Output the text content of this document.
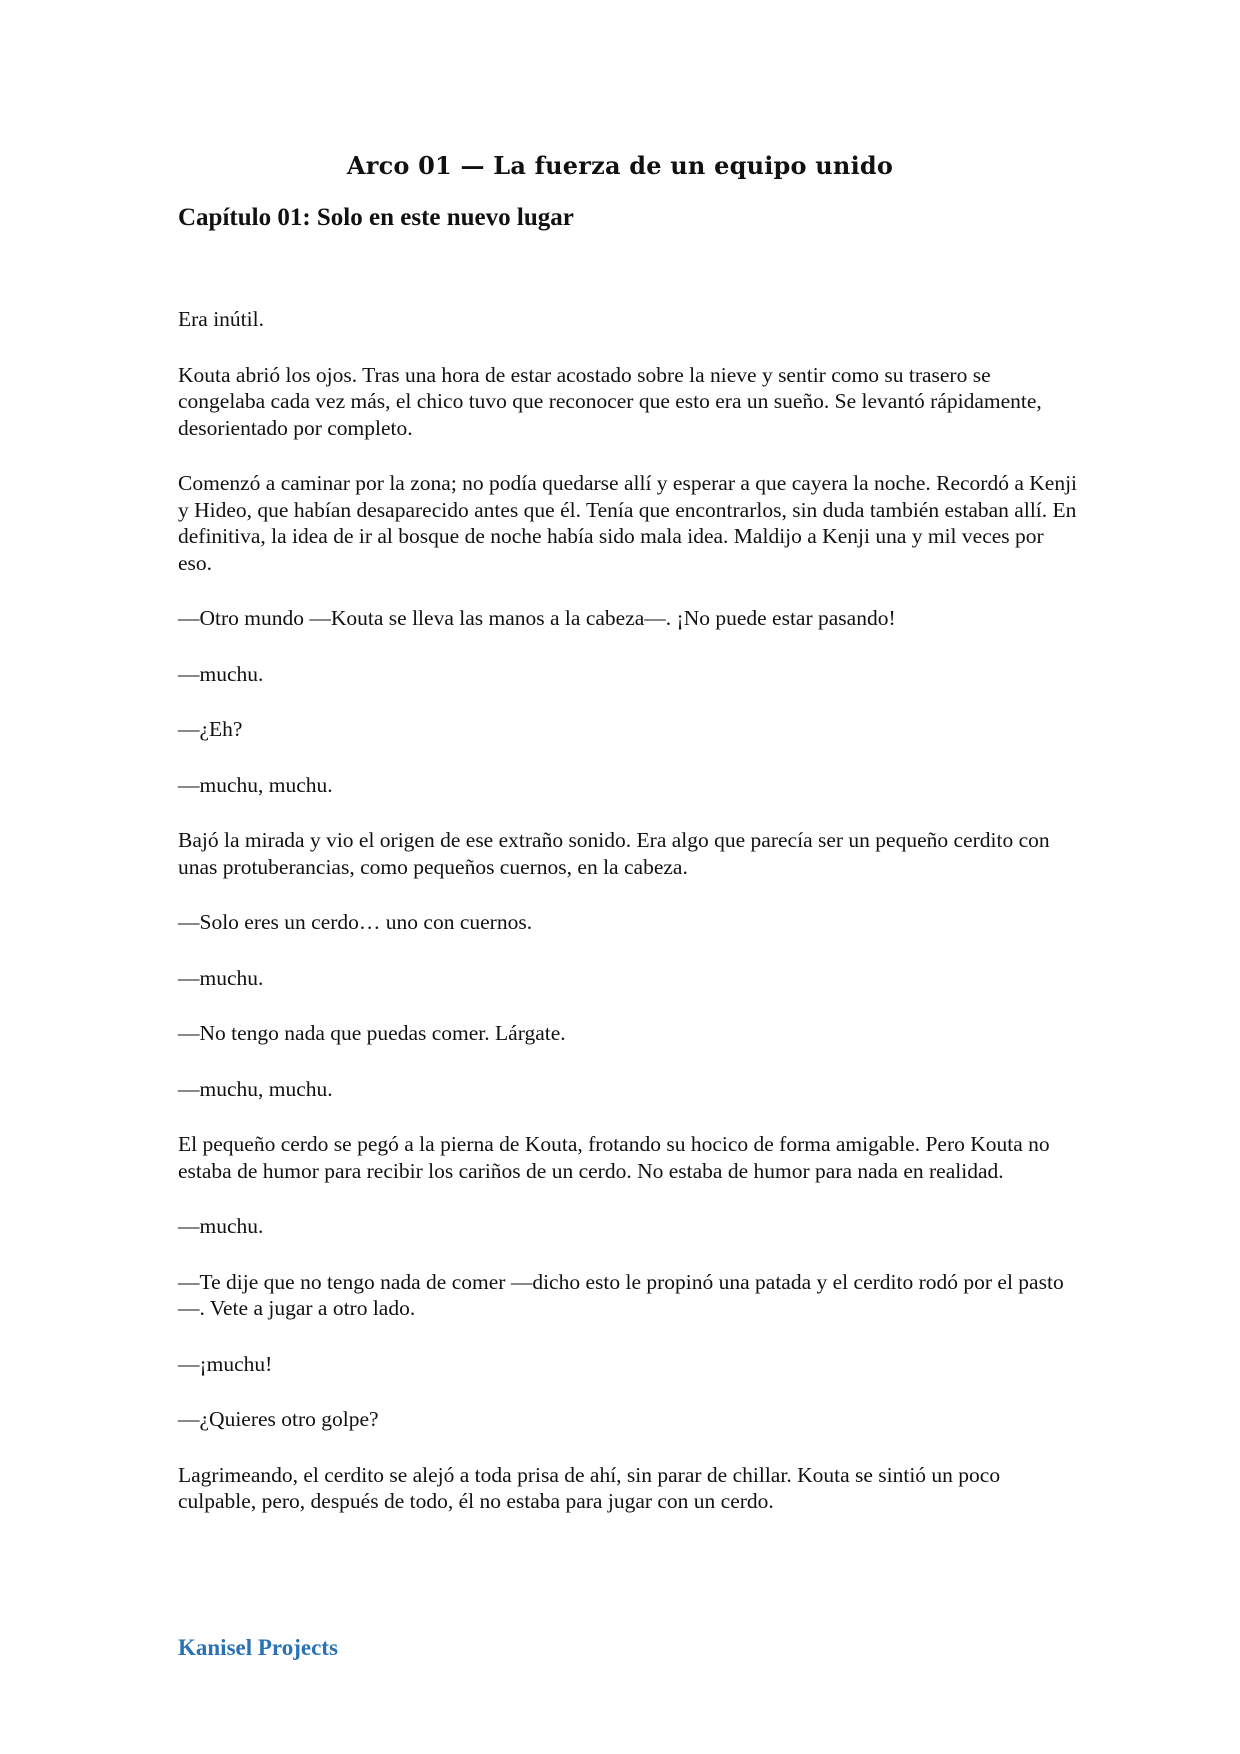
Arco 01 — La fuerza de un equipo unido
Capítulo 01: Solo en este nuevo lugar

Era inútil.

Kouta abrió los ojos. Tras una hora de estar acostado sobre la nieve y sentir como su trasero se congelaba cada vez más, el chico tuvo que reconocer que esto era un sueño. Se levantó rápidamente, desorientado por completo.

Comenzó a caminar por la zona; no podía quedarse allí y esperar a que cayera la noche. Recordó a Kenji y Hideo, que habían desaparecido antes que él. Tenía que encontrarlos, sin duda también estaban allí. En definitiva, la idea de ir al bosque de noche había sido mala idea. Maldijo a Kenji una y mil veces por eso.

—Otro mundo —Kouta se lleva las manos a la cabeza—. ¡No puede estar pasando!

—muchu.

—¿Eh?

—muchu, muchu.

Bajó la mirada y vio el origen de ese extraño sonido. Era algo que parecía ser un pequeño cerdito con unas protuberancias, como pequeños cuernos, en la cabeza.

—Solo eres un cerdo… uno con cuernos.

—muchu.

—No tengo nada que puedas comer. Lárgate.

—muchu, muchu.

El pequeño cerdo se pegó a la pierna de Kouta, frotando su hocico de forma amigable. Pero Kouta no estaba de humor para recibir los cariños de un cerdo. No estaba de humor para nada en realidad.

—muchu.

—Te dije que no tengo nada de comer —dicho esto le propinó una patada y el cerdito rodó por el pasto—. Vete a jugar a otro lado.

—¡muchu!

—¿Quieres otro golpe?

Lagrimeando, el cerdito se alejó a toda prisa de ahí, sin parar de chillar. Kouta se sintió un poco culpable, pero, después de todo, él no estaba para jugar con un cerdo.

Kanisel Projects
